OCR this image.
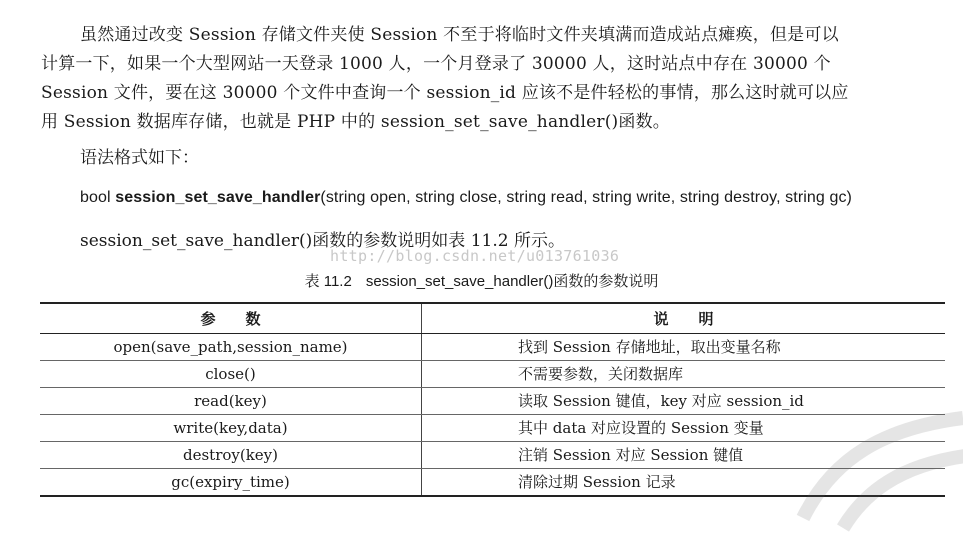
虽然通过改变 Session 存储文件夹使 Session 不至于将临时文件夹填满而造成站点瘫痪，但是可以
计算一下，如果一个大型网站一天登录 1000 人，一个月登录了 30000 人，这时站点中存在 30000 个
Session 文件，要在这 30000 个文件中查询一个 session_id 应该不是件轻松的事情，那么这时就可以应
用 Session 数据库存储，也就是 PHP 中的 session_set_save_handler()函数。
语法格式如下：
bool session_set_save_handler(string open, string close, string read, string write, string destroy, string gc)
session_set_save_handler()函数的参数说明如表 11.2 所示。
http://blog.csdn.net/u013761036
表 11.2 session_set_save_handler()函数的参数说明
参　　数	说　　明
open(save_path,session_name)	找到 Session 存储地址，取出变量名称
close()	不需要参数，关闭数据库
read(key)	读取 Session 键值，key 对应 session_id
write(key,data)	其中 data 对应设置的 Session 变量
destroy(key)	注销 Session 对应 Session 键值
gc(expiry_time)	清除过期 Session 记录
